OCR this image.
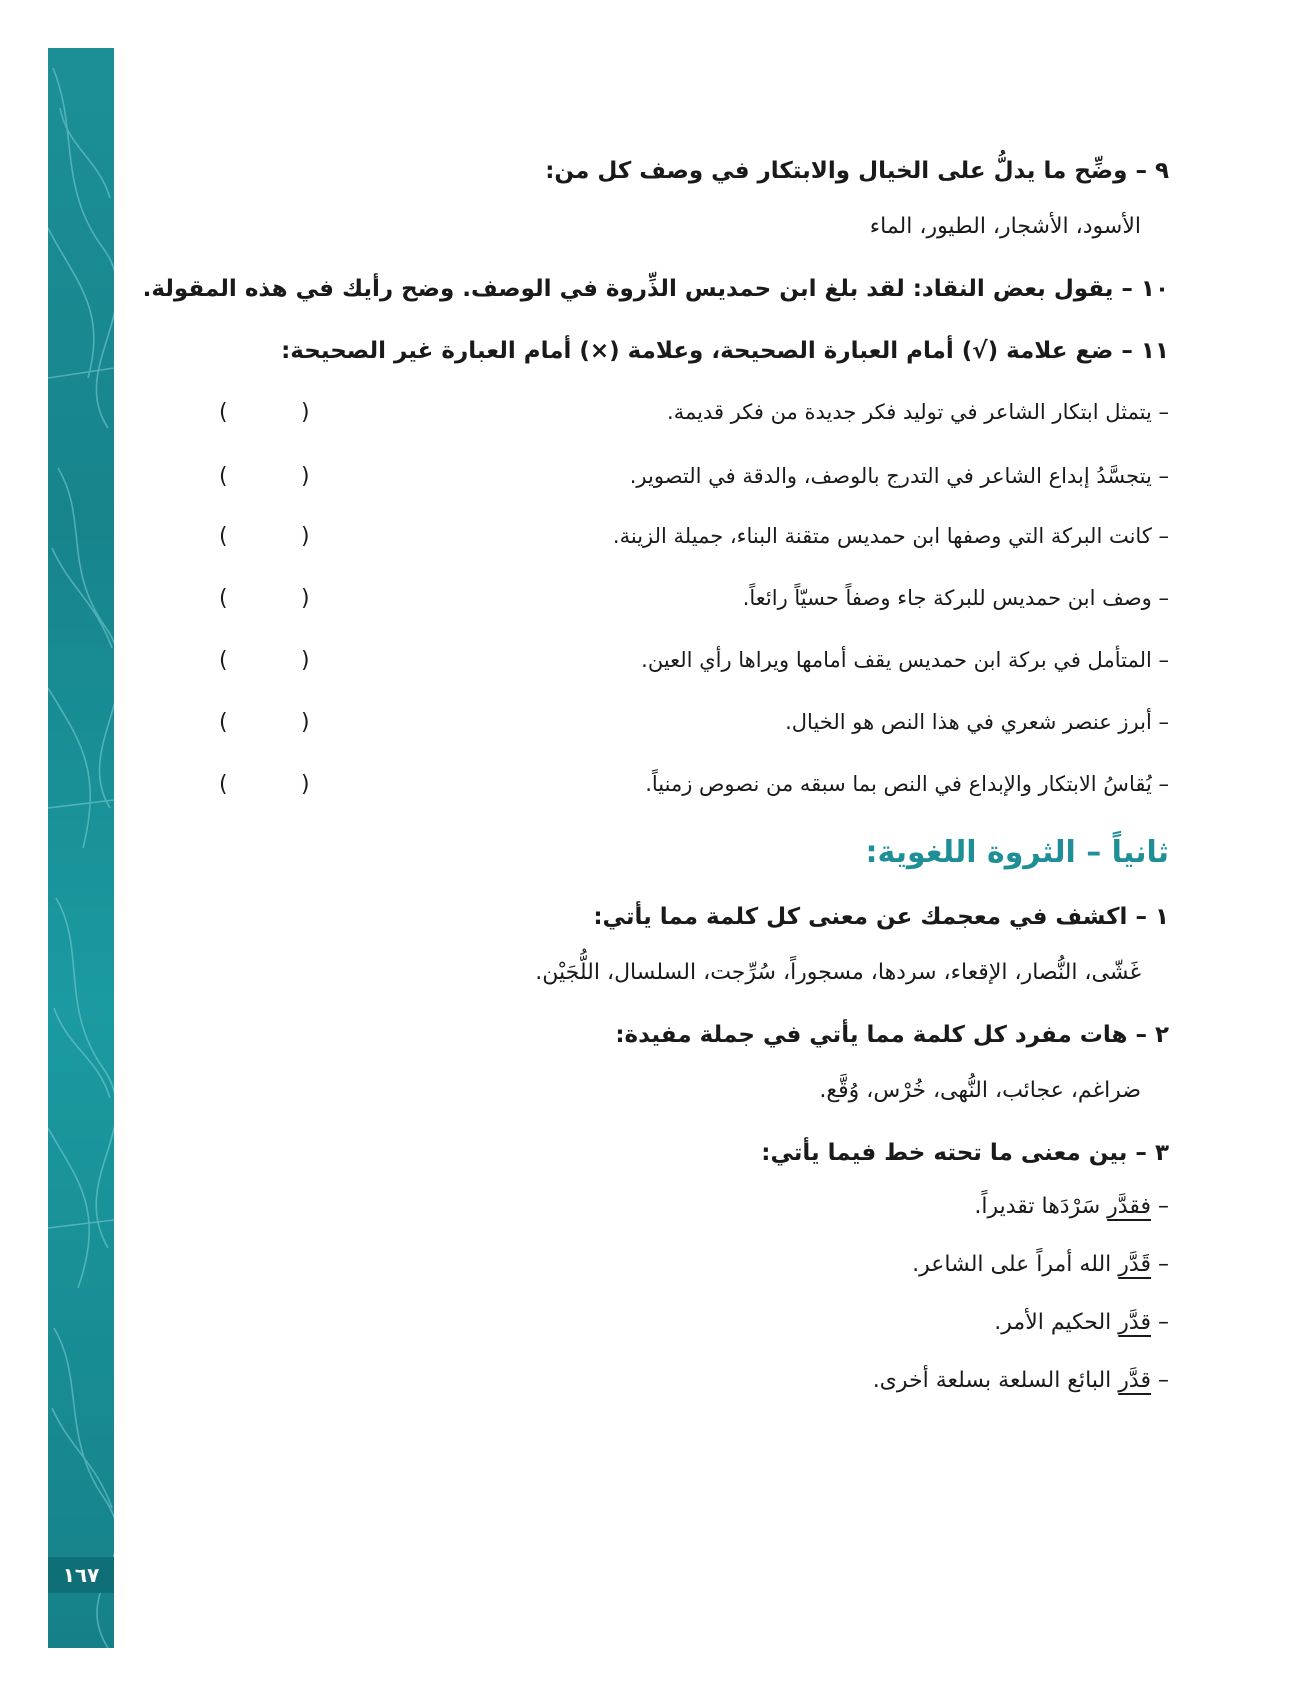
١٦٧
٩ – وضِّح ما يدلُّ على الخيال والابتكار في وصف كل من:
الأسود، الأشجار، الطيور، الماء
١٠ – يقول بعض النقاد: لقد بلغ ابن حمديس الذِّروة في الوصف. وضح رأيك في هذه المقولة.
١١ – ضع علامة (√) أمام العبارة الصحيحة، وعلامة (×) أمام العبارة غير الصحيحة:
– يتمثل ابتكار الشاعر في توليد فكر جديدة من فكر قديمة.
(
)
– يتجسَّدُ إبداع الشاعر في التدرج بالوصف، والدقة في التصوير.
(
)
– كانت البركة التي وصفها ابن حمديس متقنة البناء، جميلة الزينة.
(
)
– وصف ابن حمديس للبركة جاء وصفاً حسيّاً رائعاً.
(
)
– المتأمل في بركة ابن حمديس يقف أمامها ويراها رأي العين.
(
)
– أبرز عنصر شعري في هذا النص هو الخيال.
(
)
– يُقاسُ الابتكار والإبداع في النص بما سبقه من نصوص زمنياً.
(
)
ثانياً – الثروة اللغوية:
١ – اكشف في معجمك عن معنى كل كلمة مما يأتي:
غَشّى، النُّصار، الإقعاء، سردها، مسجوراً، سُرِّجت، السلسال، اللُّجَيْن.
٢ – هات مفرد كل كلمة مما يأتي في جملة مفيدة:
ضراغم، عجائب، النُّهى، خُرْس، وُقَّع.
٣ – بين معنى ما تحته خط فيما يأتي:
– فقدَّر سَرْدَها تقديراً.
– قَدَّر الله أمراً على الشاعر.
– قدَّر الحكيم الأمر.
– قدَّر البائع السلعة بسلعة أخرى.
